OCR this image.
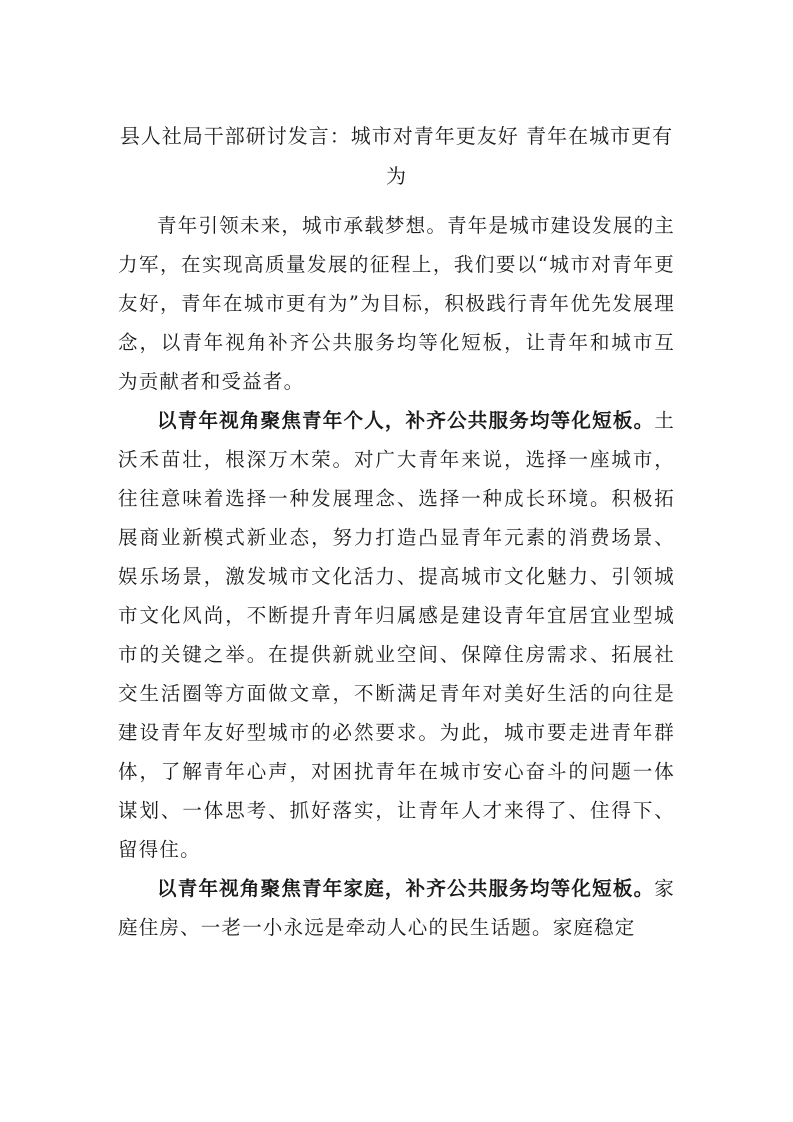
县人社局干部研讨发言：城市对青年更友好 青年在城市更有为

青年引领未来，城市承载梦想。青年是城市建设发展的主力军，在实现高质量发展的征程上，我们要以“城市对青年更友好，青年在城市更有为”为目标，积极践行青年优先发展理念，以青年视角补齐公共服务均等化短板，让青年和城市互为贡献者和受益者。

以青年视角聚焦青年个人，补齐公共服务均等化短板。土沃禾苗壮，根深万木荣。对广大青年来说，选择一座城市，往往意味着选择一种发展理念、选择一种成长环境。积极拓展商业新模式新业态，努力打造凸显青年元素的消费场景、娱乐场景，激发城市文化活力、提高城市文化魅力、引领城市文化风尚，不断提升青年归属感是建设青年宜居宜业型城市的关键之举。在提供新就业空间、保障住房需求、拓展社交生活圈等方面做文章，不断满足青年对美好生活的向往是建设青年友好型城市的必然要求。为此，城市要走进青年群体，了解青年心声，对困扰青年在城市安心奋斗的问题一体谋划、一体思考、抓好落实，让青年人才来得了、住得下、留得住。

以青年视角聚焦青年家庭，补齐公共服务均等化短板。家庭住房、一老一小永远是牵动人心的民生话题。家庭稳定
